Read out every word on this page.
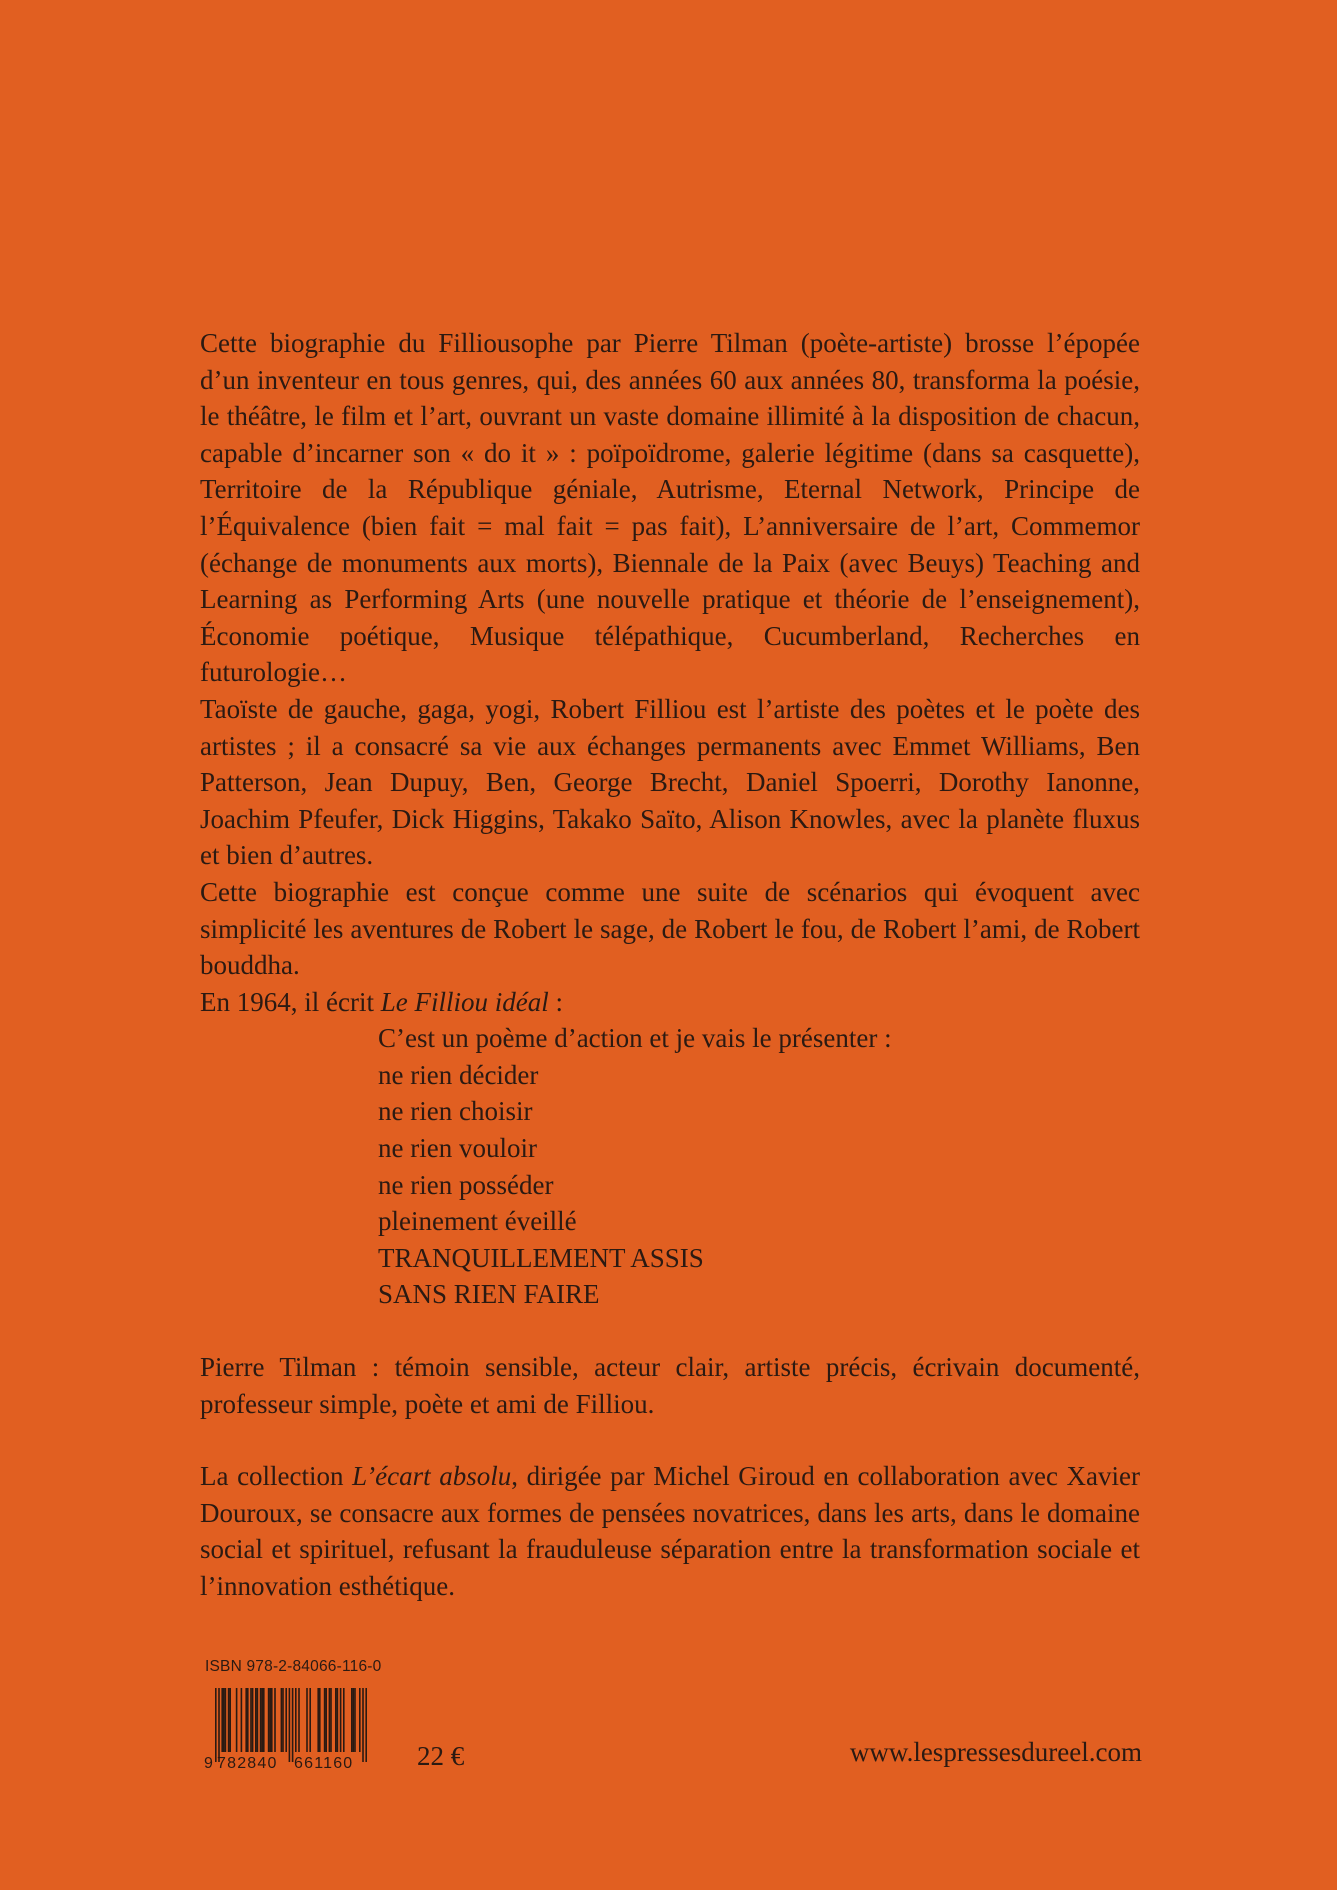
Cette biographie du Filliousophe par Pierre Tilman (poète-artiste) brosse l’épopée d’un inventeur en tous genres, qui, des années 60 aux années 80, transforma la poésie, le théâtre, le film et l’art, ouvrant un vaste domaine illimité à la disposition de chacun, capable d’incarner son « do it » : poïpoïdrome, galerie légitime (dans sa casquette), Territoire de la République géniale, Autrisme, Eternal Network, Principe de l’Équivalence (bien fait = mal fait = pas fait), L’anniversaire de l’art, Commemor (échange de monuments aux morts), Biennale de la Paix (avec Beuys) Teaching and Learning as Performing Arts (une nouvelle pratique et théorie de l’enseignement), Économie poétique, Musique télépathique, Cucumberland, Recherches en futurologie…

Taoïste de gauche, gaga, yogi, Robert Filliou est l’artiste des poètes et le poète des artistes ; il a consacré sa vie aux échanges permanents avec Emmet Williams, Ben Patterson, Jean Dupuy, Ben, George Brecht, Daniel Spoerri, Dorothy Ianonne, Joachim Pfeufer, Dick Higgins, Takako Saïto, Alison Knowles, avec la planète fluxus et bien d’autres.

Cette biographie est conçue comme une suite de scénarios qui évoquent avec simplicité les aventures de Robert le sage, de Robert le fou, de Robert l’ami, de Robert bouddha.

En 1964, il écrit Le Filliou idéal :

C’est un poème d’action et je vais le présenter :
ne rien décider
ne rien choisir
ne rien vouloir
ne rien posséder
pleinement éveillé
TRANQUILLEMENT ASSIS
SANS RIEN FAIRE

Pierre Tilman : témoin sensible, acteur clair, artiste précis, écrivain documenté, professeur simple, poète et ami de Filliou.

La collection L’écart absolu, dirigée par Michel Giroud en collaboration avec Xavier Douroux, se consacre aux formes de pensées novatrices, dans les arts, dans le domaine social et spirituel, refusant la frauduleuse séparation entre la transformation sociale et l’innovation esthétique.

ISBN 978-2-84066-116-0
9 782840 661160 22 €	www.lespressesdureel.com
